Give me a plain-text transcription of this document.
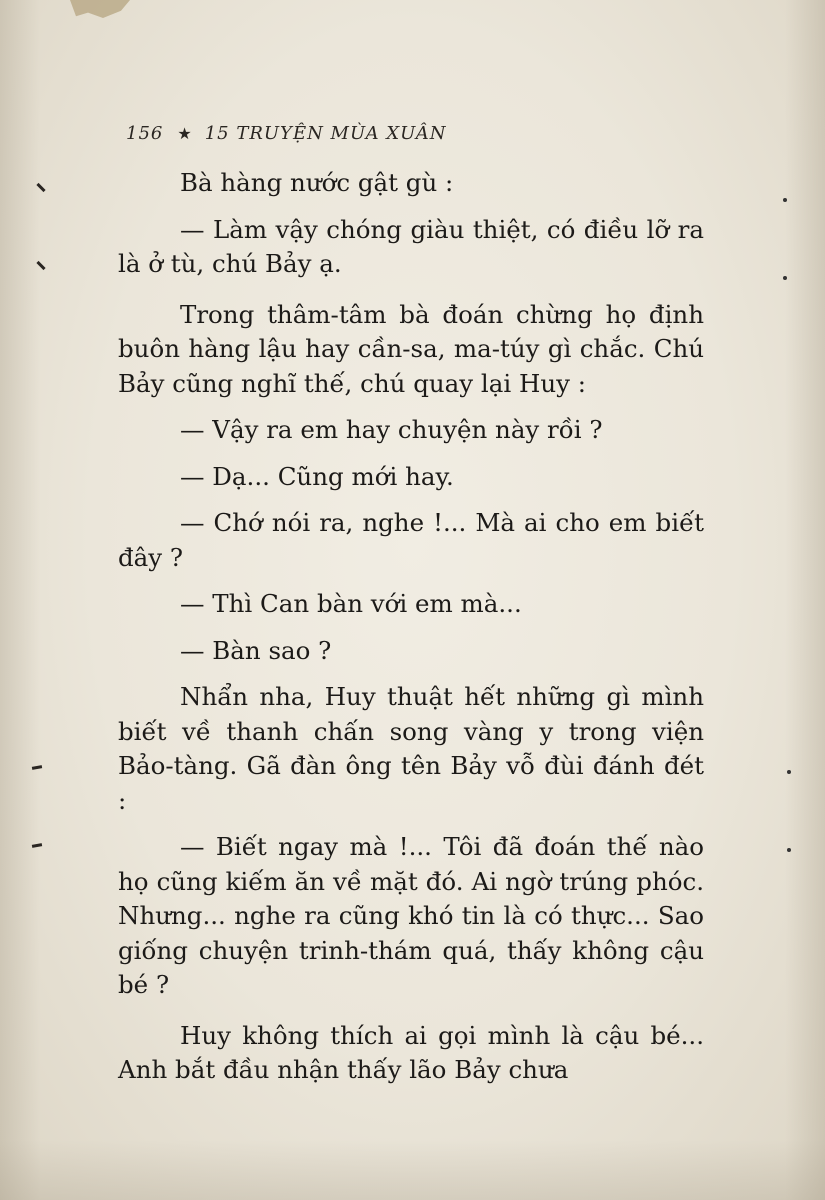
156 ★ 15 TRUYỆN MÙA XUÂN

Bà hàng nước gật gù :

— Làm vậy chóng giàu thiệt, có điều lỡ ra là ở tù, chú Bảy ạ.

Trong thâm-tâm bà đoán chừng họ định buôn hàng lậu hay cần-sa, ma-túy gì chắc. Chú Bảy cũng nghĩ thế, chú quay lại Huy :

— Vậy ra em hay chuyện này rồi ?

— Dạ... Cũng mới hay.

— Chớ nói ra, nghe !... Mà ai cho em biết đây ?

— Thì Can bàn với em mà...

— Bàn sao ?

Nhẩn nha, Huy thuật hết những gì mình biết về thanh chấn song vàng y trong viện Bảo-tàng. Gã đàn ông tên Bảy vỗ đùi đánh đét :

— Biết ngay mà !... Tôi đã đoán thế nào họ cũng kiếm ăn về mặt đó. Ai ngờ trúng phóc. Nhưng... nghe ra cũng khó tin là có thực... Sao giống chuyện trinh-thám quá, thấy không cậu bé ?

Huy không thích ai gọi mình là cậu bé... Anh bắt đầu nhận thấy lão Bảy chưa
